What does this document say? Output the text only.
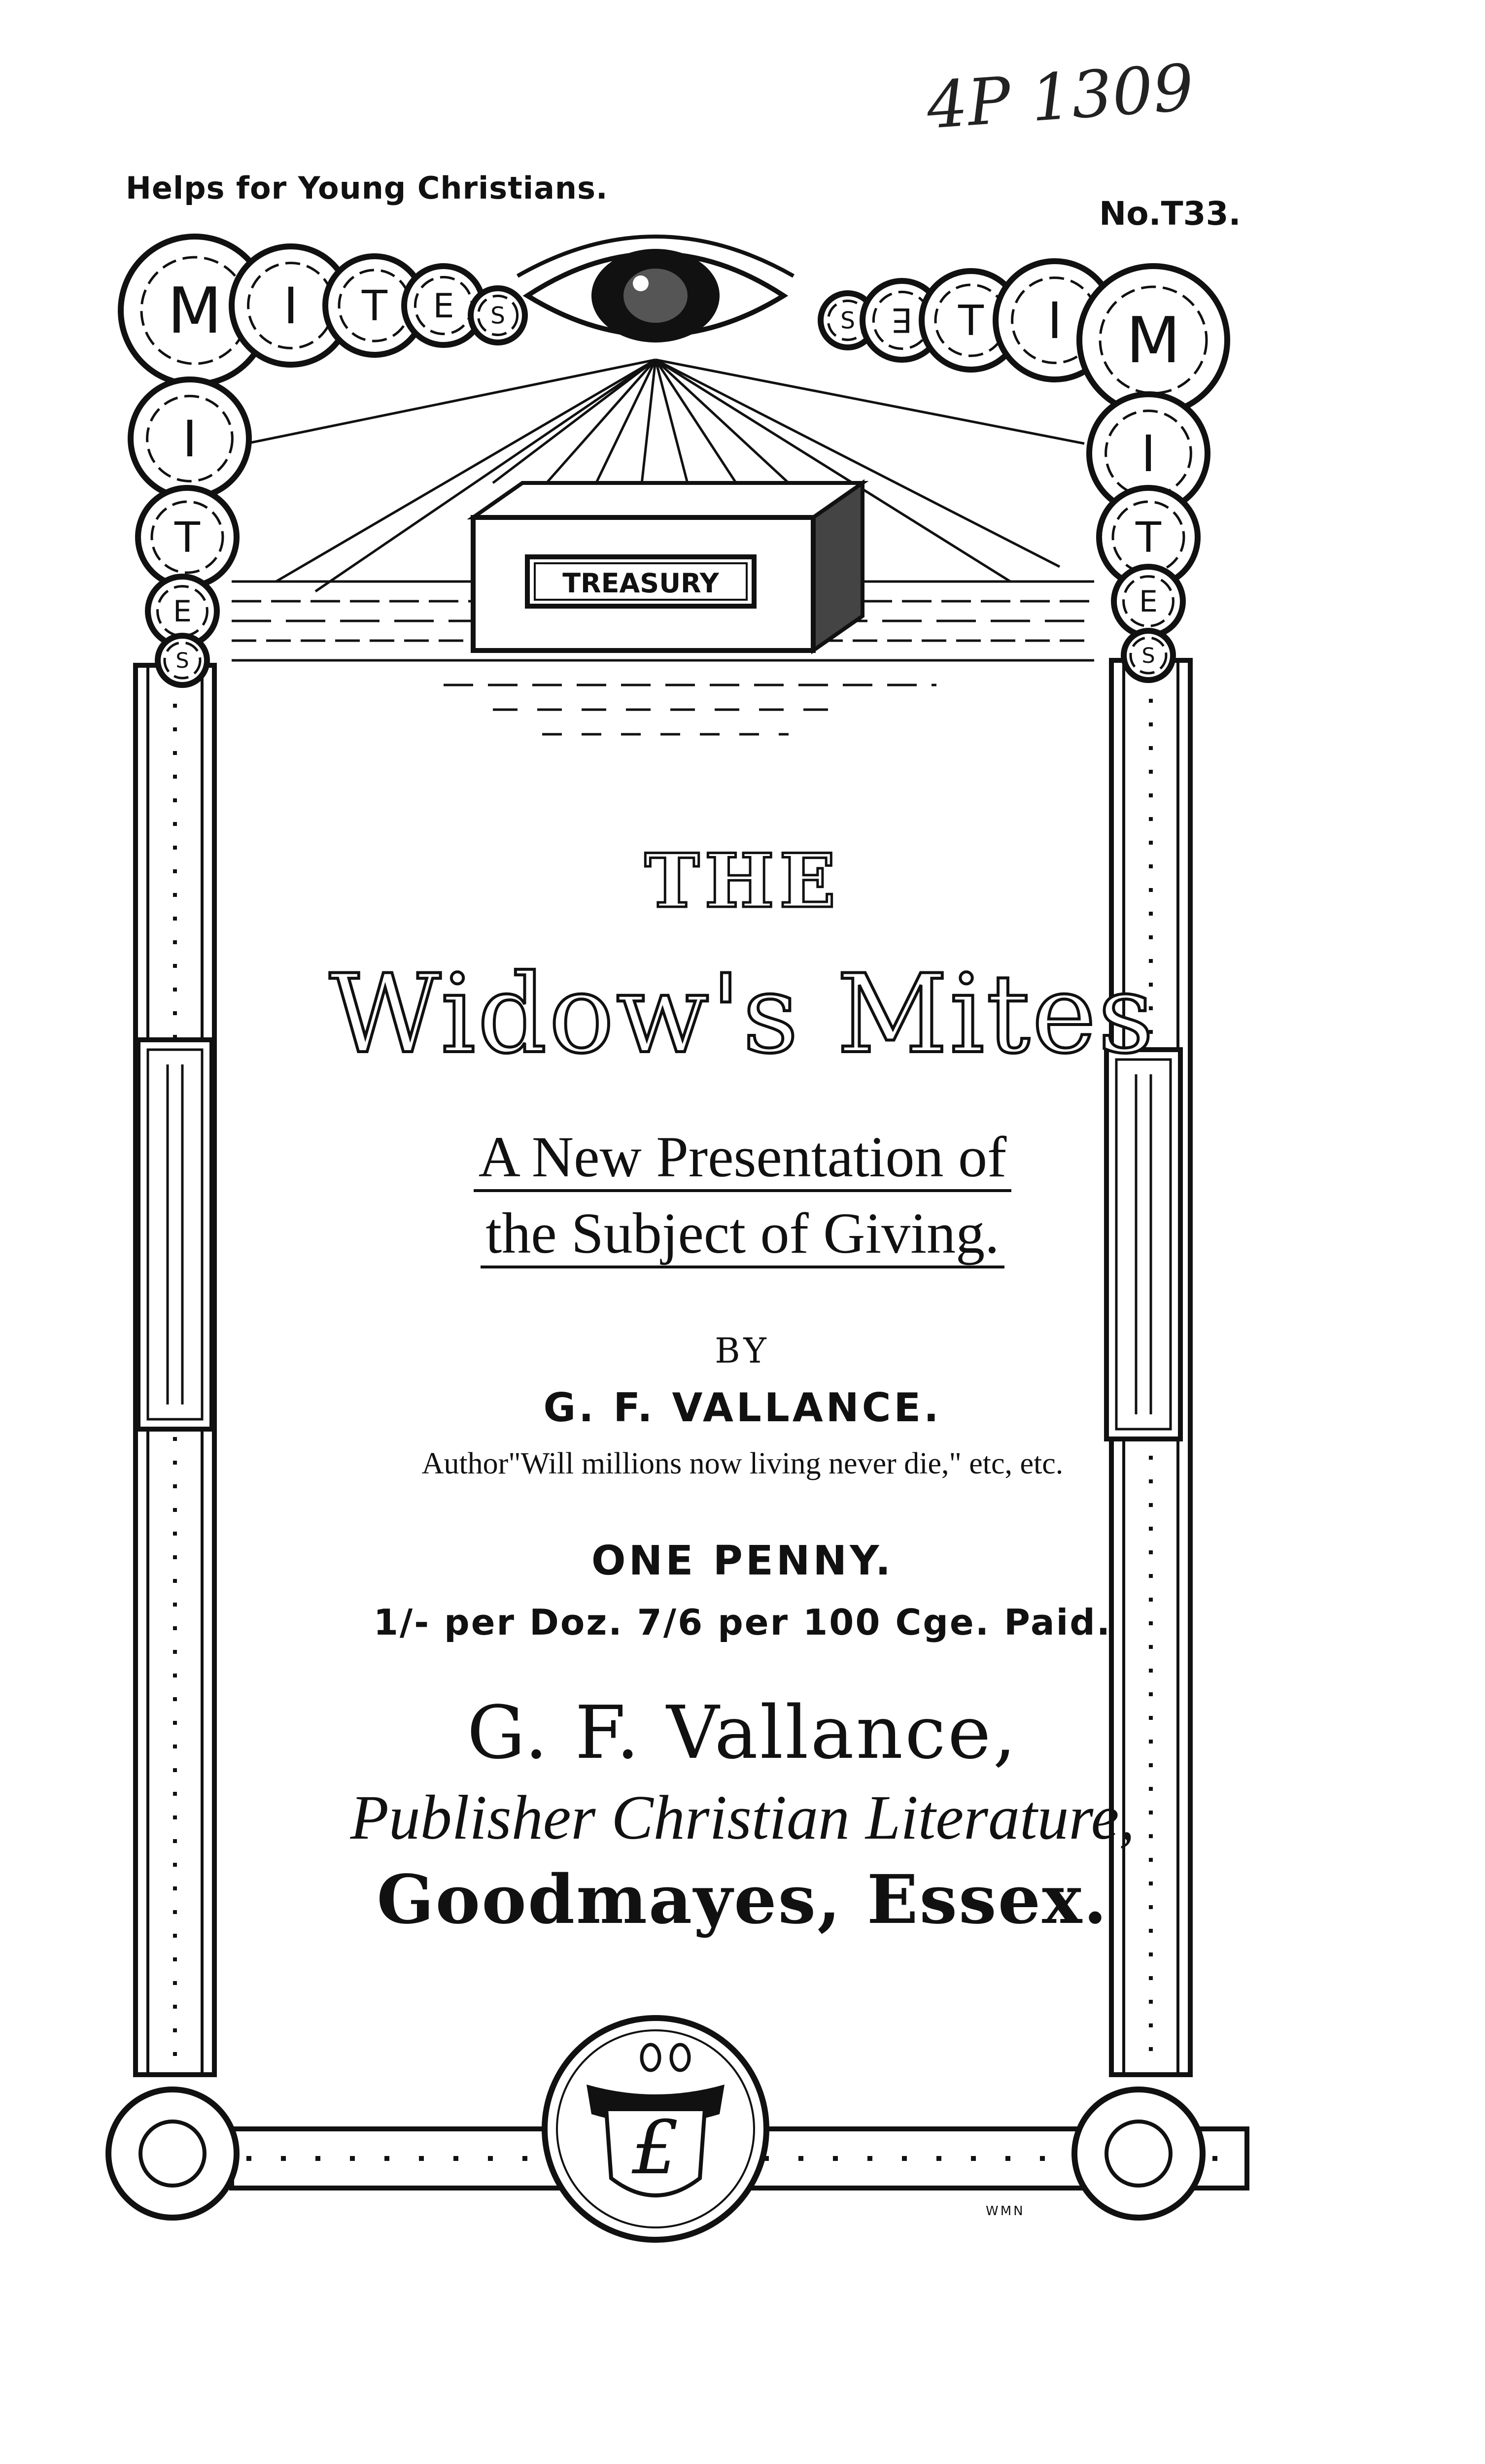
Helps for Young Christians.
No.T33.
4P 1309
£
WMN
TREASURY
M
I
T
E
S
I T E S	S E T I M
I
T
E
S
THE
Widow's Mites
A New Presentation of
the Subject of Giving.
BY
G. F. VALLANCE.
Author"Will millions now living never die," etc, etc.
ONE PENNY.
1/- per Doz. 7/6 per 100 Cge. Paid.
G. F. Vallance,
Publisher Christian Literature,
Goodmayes, Essex.
